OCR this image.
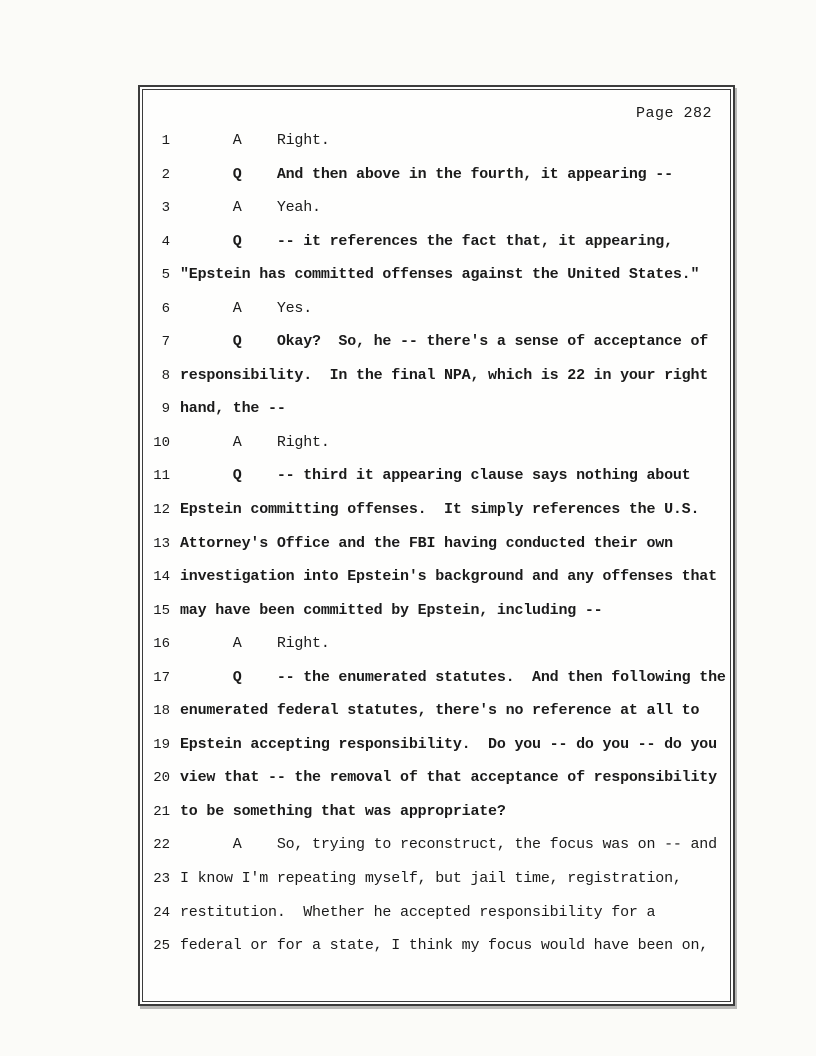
Page 282
1 A    Right.
2 Q    And then above in the fourth, it appearing --
3 A    Yeah.
4 Q    -- it references the fact that, it appearing,
5 "Epstein has committed offenses against the United States."
6 A    Yes.
7 Q    Okay?  So, he -- there's a sense of acceptance of
8 responsibility.  In the final NPA, which is 22 in your right
9 hand, the --
10 A    Right.
11 Q    -- third it appearing clause says nothing about
12 Epstein committing offenses.  It simply references the U.S.
13 Attorney's Office and the FBI having conducted their own
14 investigation into Epstein's background and any offenses that
15 may have been committed by Epstein, including --
16 A    Right.
17 Q    -- the enumerated statutes.  And then following the
18 enumerated federal statutes, there's no reference at all to
19 Epstein accepting responsibility.  Do you -- do you -- do you
20 view that -- the removal of that acceptance of responsibility
21 to be something that was appropriate?
22 A    So, trying to reconstruct, the focus was on -- and
23 I know I'm repeating myself, but jail time, registration,
24 restitution.  Whether he accepted responsibility for a
25 federal or for a state, I think my focus would have been on,
